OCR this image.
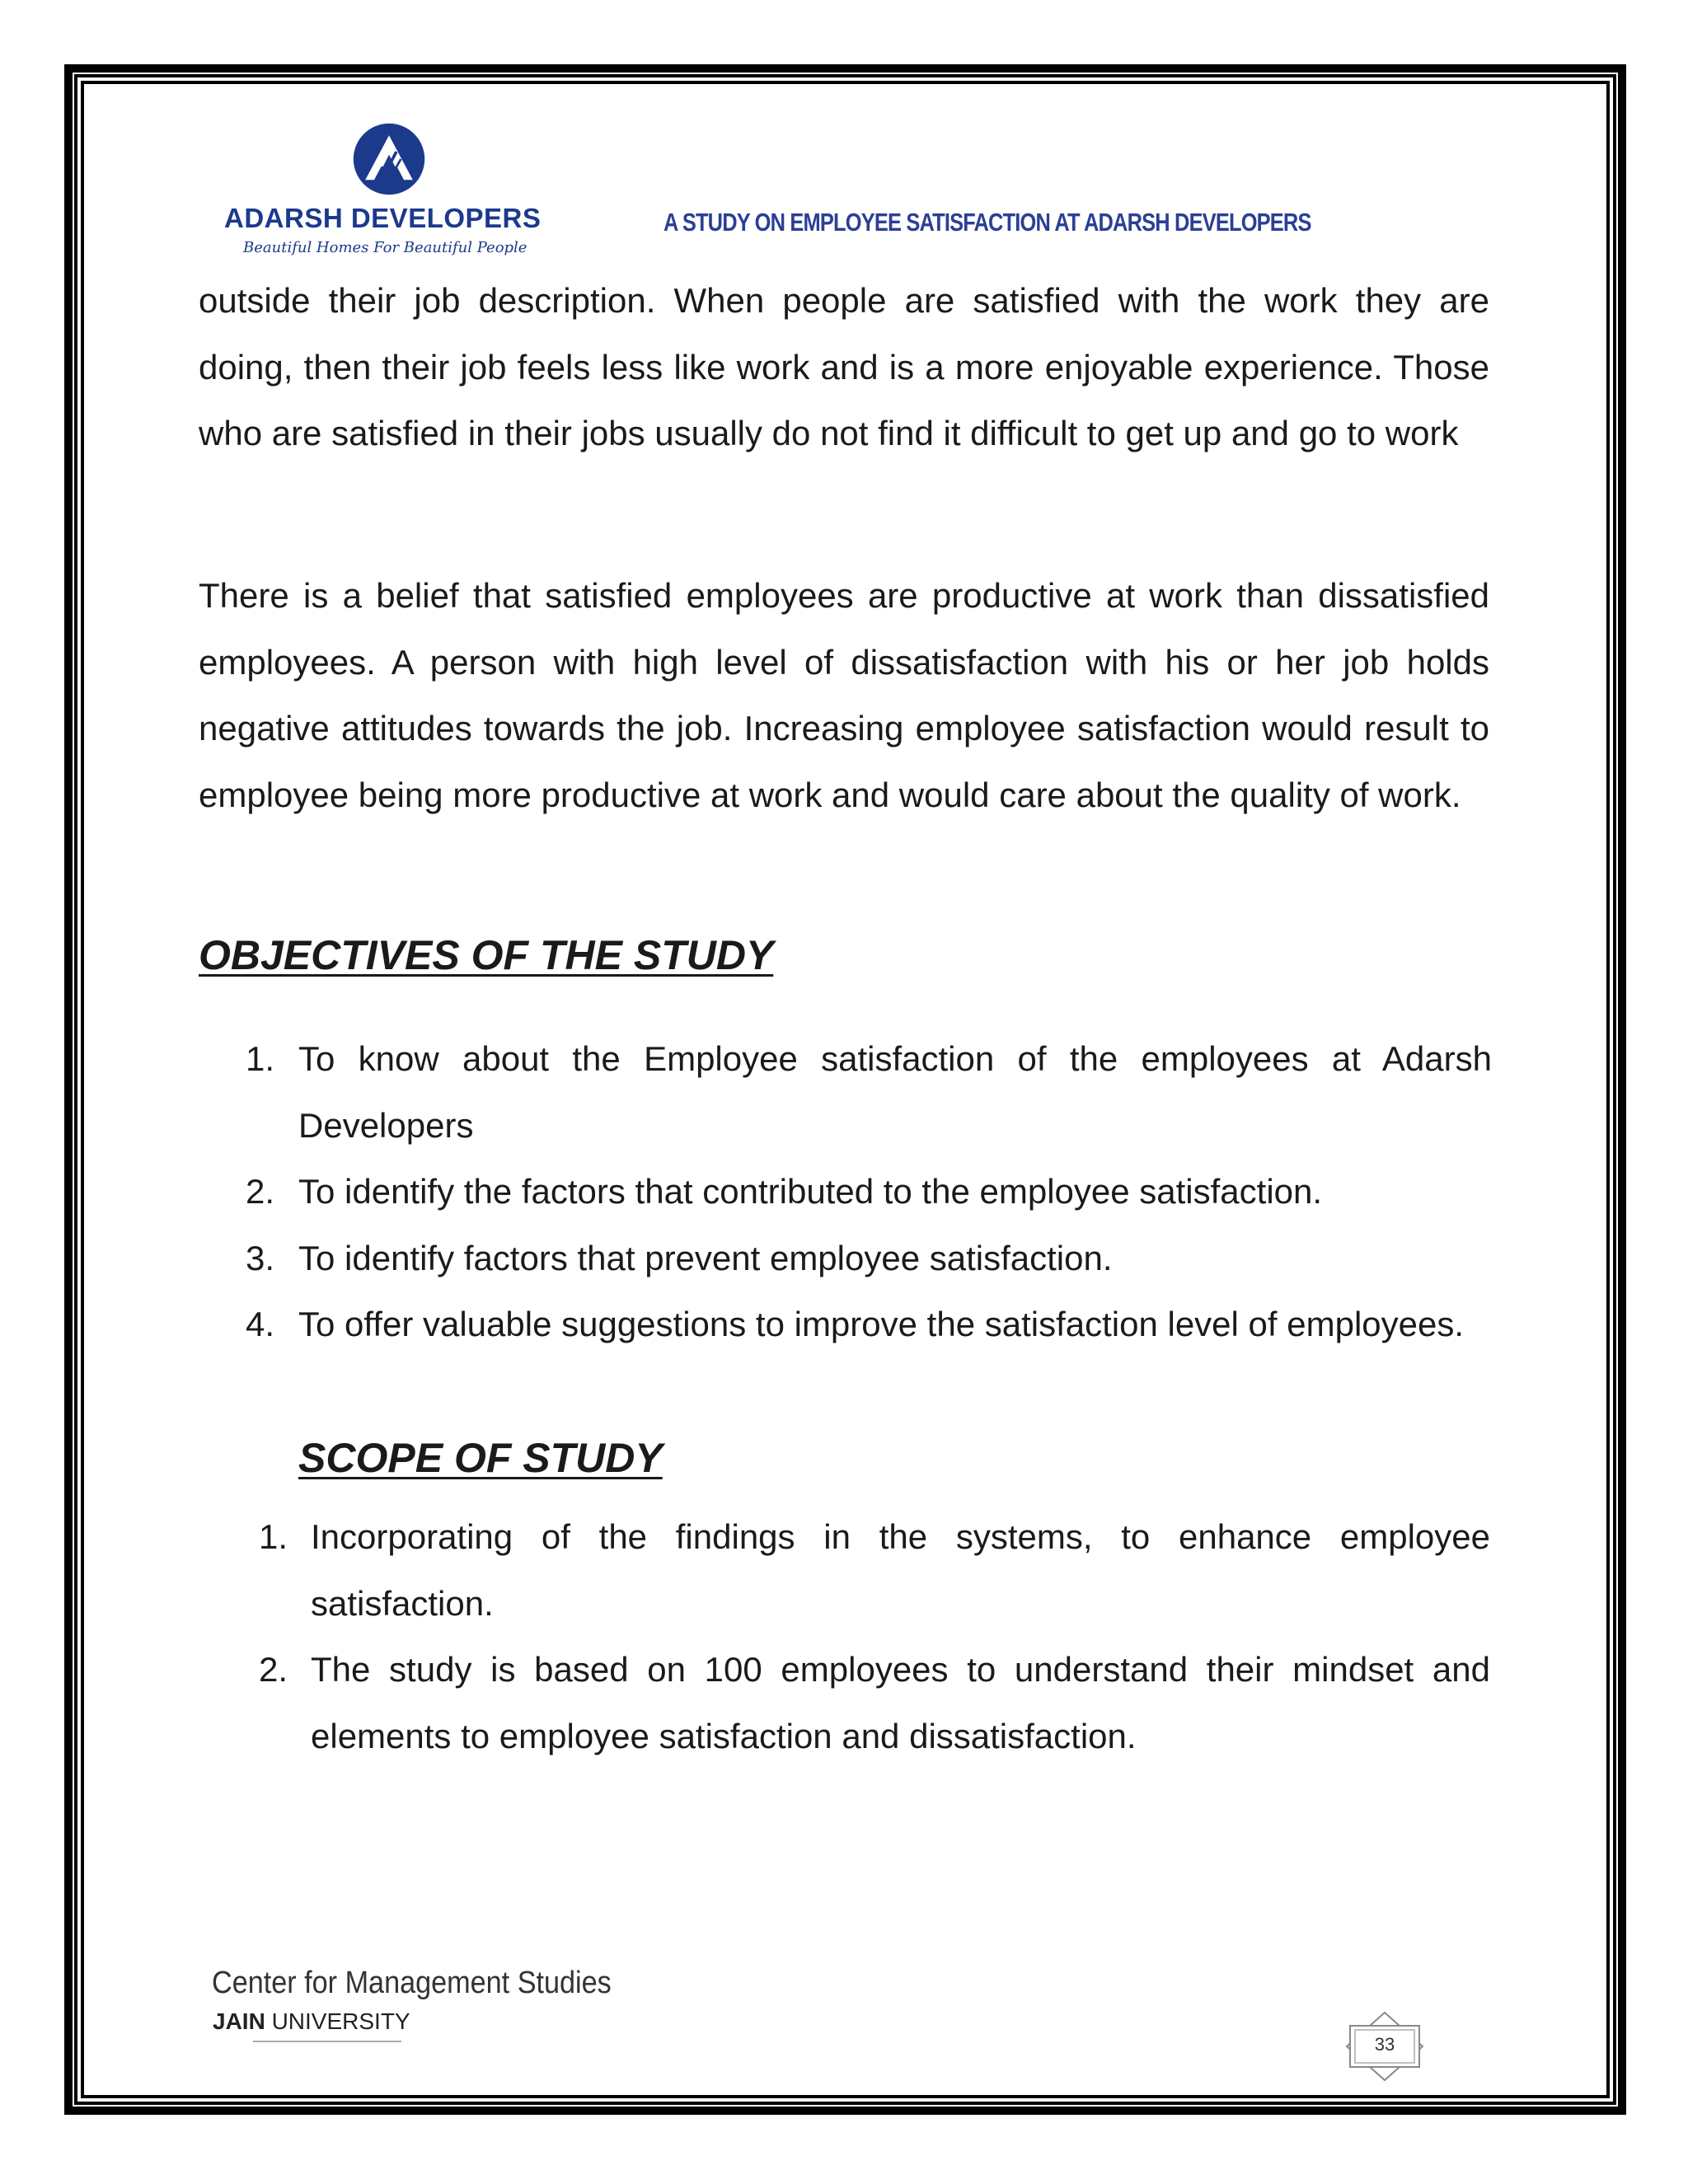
ADARSH DEVELOPERS
Beautiful Homes For Beautiful People
A STUDY ON EMPLOYEE SATISFACTION AT ADARSH DEVELOPERS
outside their job description. When people are satisfied with the work they are doing, then their job feels less like work and is a more enjoyable experience. Those who are satisfied in their jobs usually do not find it difficult to get up and go to work
There is a belief that satisfied employees are productive at work than dissatisfied employees. A person with high level of dissatisfaction with his or her job holds negative attitudes towards the job. Increasing employee satisfaction would result to employee being more productive at work and would care about the quality of work.
OBJECTIVES OF THE STUDY
1. To know about the Employee satisfaction of the employees at Adarsh Developers
2. To identify the factors that contributed to the employee satisfaction.
3. To identify factors that prevent employee satisfaction.
4. To offer valuable suggestions to improve the satisfaction level of employees.
SCOPE OF STUDY
1. Incorporating of the findings in the systems, to enhance employee satisfaction.
2. The study is based on 100 employees to understand their mindset and elements to employee satisfaction and dissatisfaction.
Center for Management Studies
JAIN UNIVERSITY
33
